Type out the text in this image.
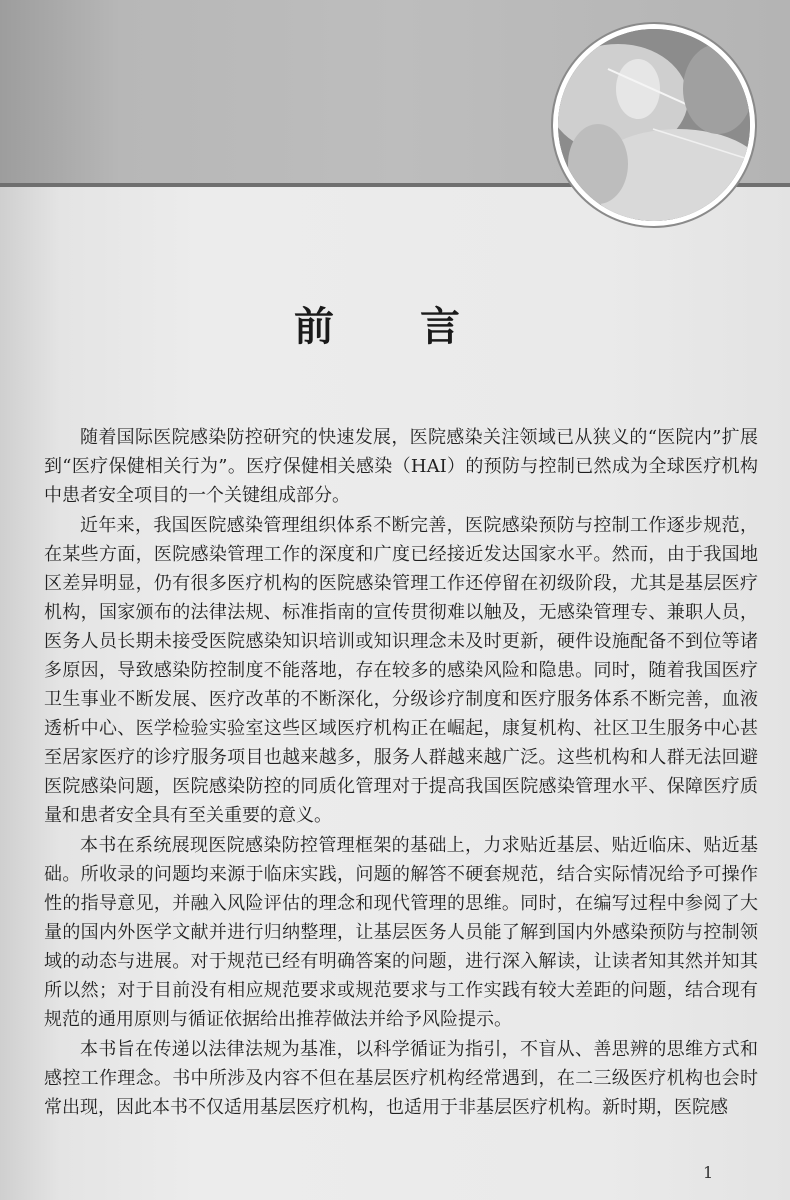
前 言

随着国际医院感染防控研究的快速发展，医院感染关注领域已从狭义的“医院内”扩展到“医疗保健相关行为”。医疗保健相关感染（HAI）的预防与控制已然成为全球医疗机构中患者安全项目的一个关键组成部分。

近年来，我国医院感染管理组织体系不断完善，医院感染预防与控制工作逐步规范，在某些方面，医院感染管理工作的深度和广度已经接近发达国家水平。然而，由于我国地区差异明显，仍有很多医疗机构的医院感染管理工作还停留在初级阶段，尤其是基层医疗机构，国家颁布的法律法规、标准指南的宣传贯彻难以触及，无感染管理专、兼职人员，医务人员长期未接受医院感染知识培训或知识理念未及时更新，硬件设施配备不到位等诸多原因，导致感染防控制度不能落地，存在较多的感染风险和隐患。同时，随着我国医疗卫生事业不断发展、医疗改革的不断深化，分级诊疗制度和医疗服务体系不断完善，血液透析中心、医学检验实验室这些区域医疗机构正在崛起，康复机构、社区卫生服务中心甚至居家医疗的诊疗服务项目也越来越多，服务人群越来越广泛。这些机构和人群无法回避医院感染问题，医院感染防控的同质化管理对于提高我国医院感染管理水平、保障医疗质量和患者安全具有至关重要的意义。

本书在系统展现医院感染防控管理框架的基础上，力求贴近基层、贴近临床、贴近基础。所收录的问题均来源于临床实践，问题的解答不硬套规范，结合实际情况给予可操作性的指导意见，并融入风险评估的理念和现代管理的思维。同时，在编写过程中参阅了大量的国内外医学文献并进行归纳整理，让基层医务人员能了解到国内外感染预防与控制领域的动态与进展。对于规范已经有明确答案的问题，进行深入解读，让读者知其然并知其所以然；对于目前没有相应规范要求或规范要求与工作实践有较大差距的问题，结合现有规范的通用原则与循证依据给出推荐做法并给予风险提示。

本书旨在传递以法律法规为基准，以科学循证为指引，不盲从、善思辨的思维方式和感控工作理念。书中所涉及内容不但在基层医疗机构经常遇到，在二三级医疗机构也会时常出现，因此本书不仅适用基层医疗机构，也适用于非基层医疗机构。新时期，医院感

1
